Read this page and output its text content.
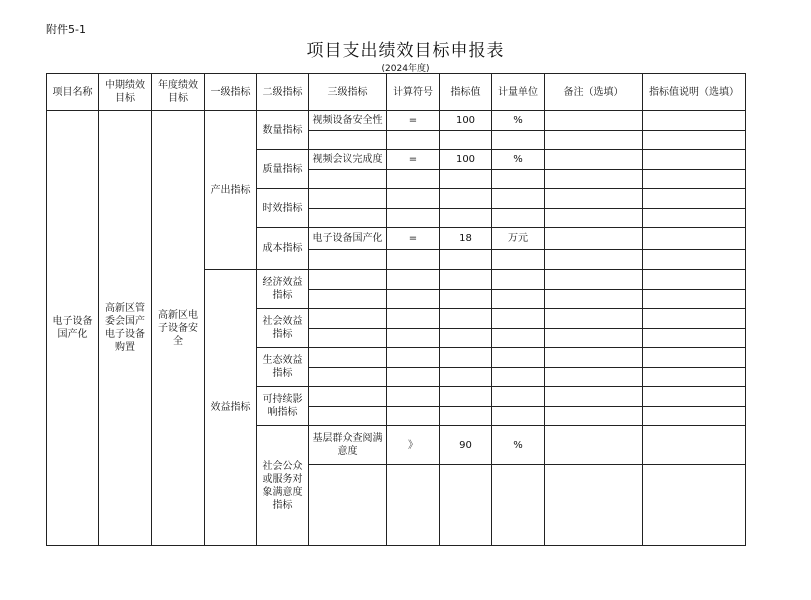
附件5-1
项目支出绩效目标申报表
(2024年度)
项目名称	中期绩效目标	年度绩效目标	一级指标	二级指标	三级指标	计算符号	指标值	计量单位	备注（选填）	指标值说明（选填）
电子设备国产化	高新区管委会国产电子设备购置	高新区电子设备安全	产出指标	数量指标	视频设备安全性	=	100	%		

				质量指标	视频会议完成度	=	100	%		

				时效指标						

				成本指标	电子设备国产化	=	18	万元		

			效益指标	经济效益指标						

				社会效益指标						

				生态效益指标						

				可持续影响指标						

				社会公众或服务对象满意度指标	基层群众查阅满意度	》	90	%		
